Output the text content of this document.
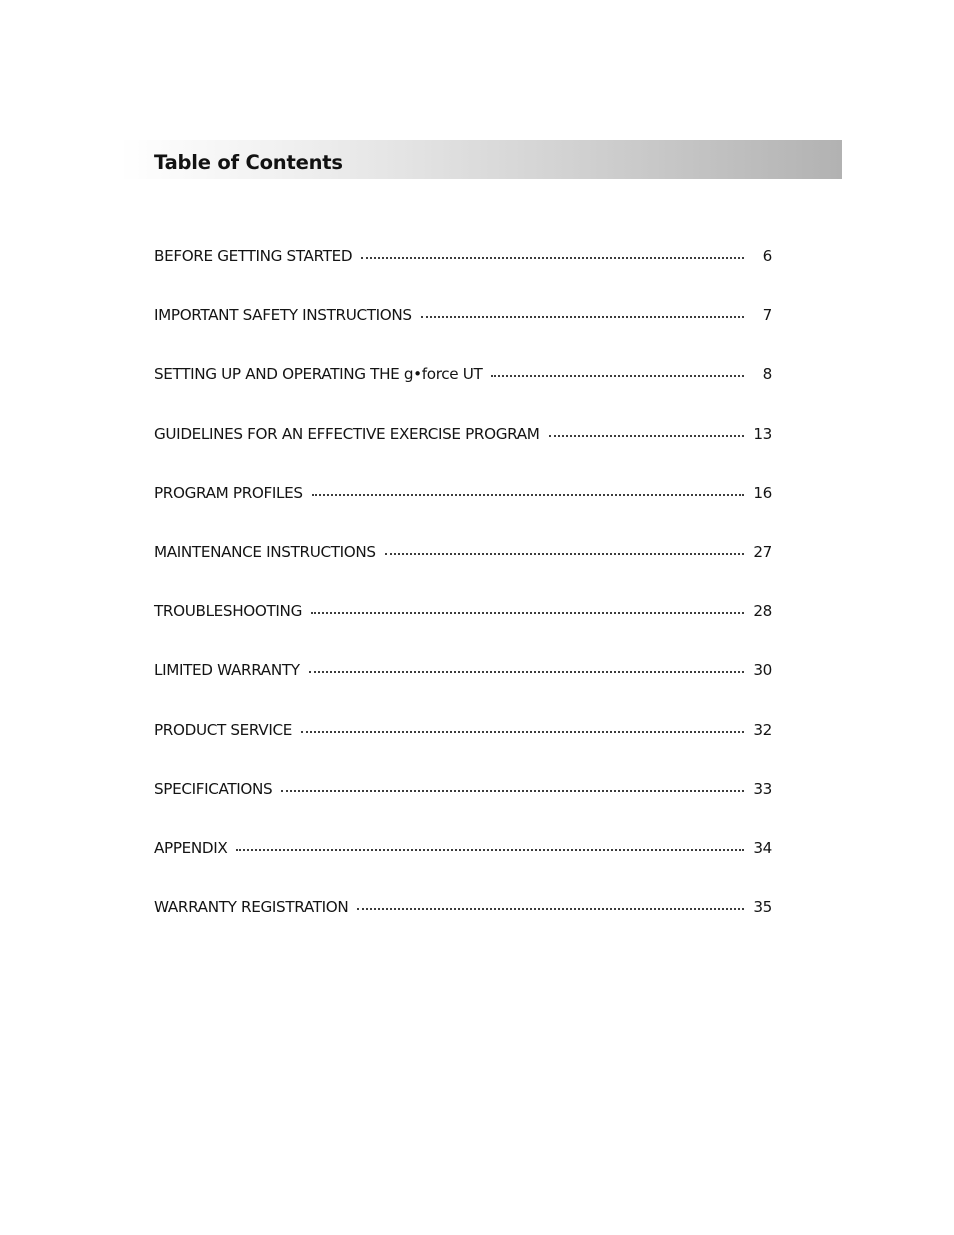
Table of Contents
BEFORE GETTING STARTED	6
IMPORTANT SAFETY INSTRUCTIONS	7
SETTING UP AND OPERATING THE g•force UT	8
GUIDELINES FOR AN EFFECTIVE EXERCISE PROGRAM	13
PROGRAM PROFILES	16
MAINTENANCE INSTRUCTIONS	27
TROUBLESHOOTING	28
LIMITED WARRANTY	30
PRODUCT SERVICE	32
SPECIFICATIONS	33
APPENDIX	34
WARRANTY REGISTRATION	35
